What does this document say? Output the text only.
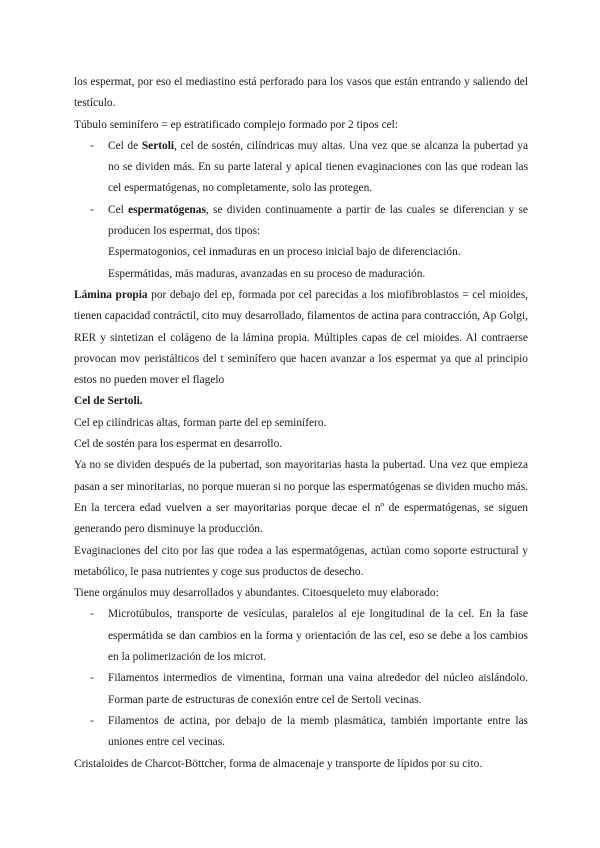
los espermat, por eso el mediastino está perforado para los vasos que están entrando y saliendo del testículo.

Túbulo seminífero = ep estratificado complejo formado por 2 tipos cel:

- Cel de Sertoli, cel de sostén, cilíndricas muy altas. Una vez que se alcanza la pubertad ya no se dividen más. En su parte lateral y apical tienen evaginaciones con las que rodean las cel espermatógenas, no completamente, solo las protegen.
- Cel espermatógenas, se dividen continuamente a partir de las cuales se diferencian y se producen los espermat, dos tipos:

Espermatogonios, cel inmaduras en un proceso inicial bajo de diferenciación.

Espermátidas, más maduras, avanzadas en su proceso de maduración.

Lámina propia por debajo del ep, formada por cel parecidas a los miofibroblastos = cel mioides, tienen capacidad contráctil, cito muy desarrollado, filamentos de actina para contracción, Ap Golgi, RER y sintetizan el colágeno de la lámina propia. Múltiples capas de cel mioides. Al contraerse provocan mov peristálticos del t seminífero que hacen avanzar a los espermat ya que al principio estos no pueden mover el flagelo

Cel de Sertoli.

Cel ep cilíndricas altas, forman parte del ep seminífero.

Cel de sostén para los espermat en desarrollo.

Ya no se dividen después de la pubertad, son mayoritarias hasta la pubertad. Una vez que empieza pasan a ser minoritarias, no porque mueran si no porque las espermatógenas se dividen mucho más. En la tercera edad vuelven a ser mayoritarias porque decae el nº de espermatógenas, se siguen generando pero disminuye la producción.

Evaginaciones del cito por las que rodea a las espermatógenas, actúan como soporte estructural y metabólico, le pasa nutrientes y coge sus productos de desecho.

Tiene orgánulos muy desarrollados y abundantes. Citoesqueleto muy elaborado:

- Microtúbulos, transporte de vesículas, paralelos al eje longitudinal de la cel. En la fase espermátida se dan cambios en la forma y orientación de las cel, eso se debe a los cambios en la polimerización de los microt.
- Filamentos intermedios de vimentina, forman una vaina alrededor del núcleo aislándolo. Forman parte de estructuras de conexión entre cel de Sertoli vecinas.
- Filamentos de actina, por debajo de la memb plasmática, también importante entre las uniones entre cel vecinas.

Cristaloides de Charcot-Böttcher, forma de almacenaje y transporte de lípidos por su cito.
